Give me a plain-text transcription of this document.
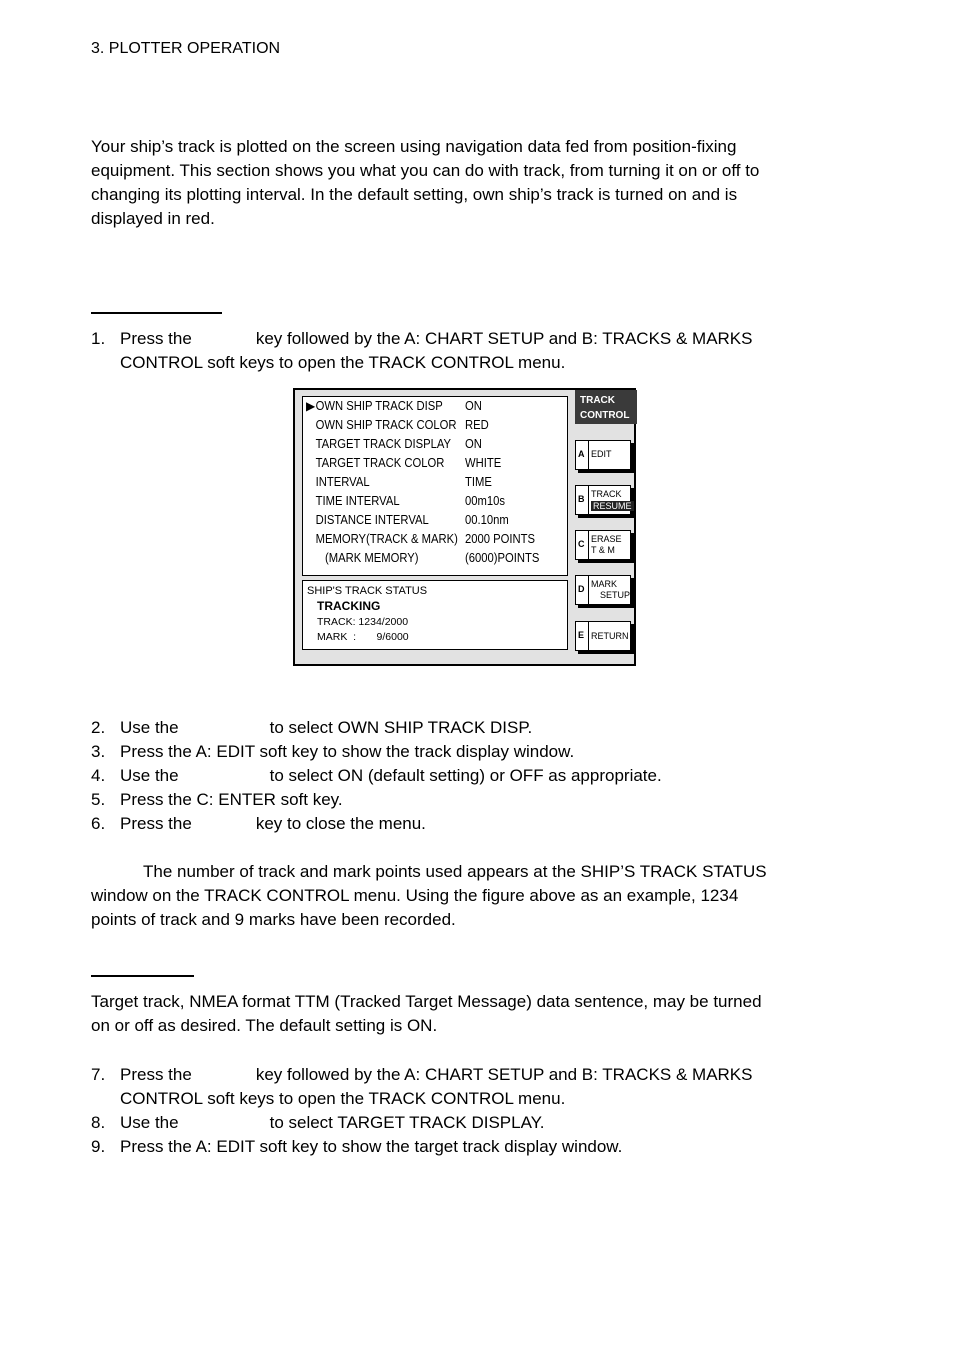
3. PLOTTER OPERATION
Your ship’s track is plotted on the screen using navigation data fed from position-fixing
equipment. This section shows you what you can do with track, from turning it on or off to
changing its plotting interval. In the default setting, own ship’s track is turned on and is
displayed in red.
1. Press the	key followed by the A: CHART SETUP and B: TRACKS & MARKS
CONTROL soft keys to open the TRACK CONTROL menu.
▶ OWN SHIP TRACK DISP ON
OWN SHIP TRACK COLOR RED
TARGET TRACK DISPLAY ON
TARGET TRACK COLOR WHITE
INTERVAL	TIME
TIME INTERVAL	00m10s
DISTANCE INTERVAL	00.10nm
MEMORY(TRACK & MARK) 2000 POINTS
(MARK MEMORY)	(6000)POINTS
SHIP'S TRACK STATUS
TRACKING
TRACK: 1234/2000
MARK  :       9/6000
TRACK
CONTROL
A EDIT
B TRACK
RESUME
C ERASE
T & M
D MARK
SETUP
E RETURN
2. Use the	to select OWN SHIP TRACK DISP.
3. Press the A: EDIT soft key to show the track display window.
4. Use the	to select ON (default setting) or OFF as appropriate.
5. Press the C: ENTER soft key.
6. Press the	key to close the menu.
The number of track and mark points used appears at the SHIP’S TRACK STATUS
window on the TRACK CONTROL menu. Using the figure above as an example, 1234
points of track and 9 marks have been recorded.
Target track, NMEA format TTM (Tracked Target Message) data sentence, may be turned
on or off as desired. The default setting is ON.
7. Press the	key followed by the A: CHART SETUP and B: TRACKS & MARKS
CONTROL soft keys to open the TRACK CONTROL menu.
8. Use the	to select TARGET TRACK DISPLAY.
9. Press the A: EDIT soft key to show the target track display window.
